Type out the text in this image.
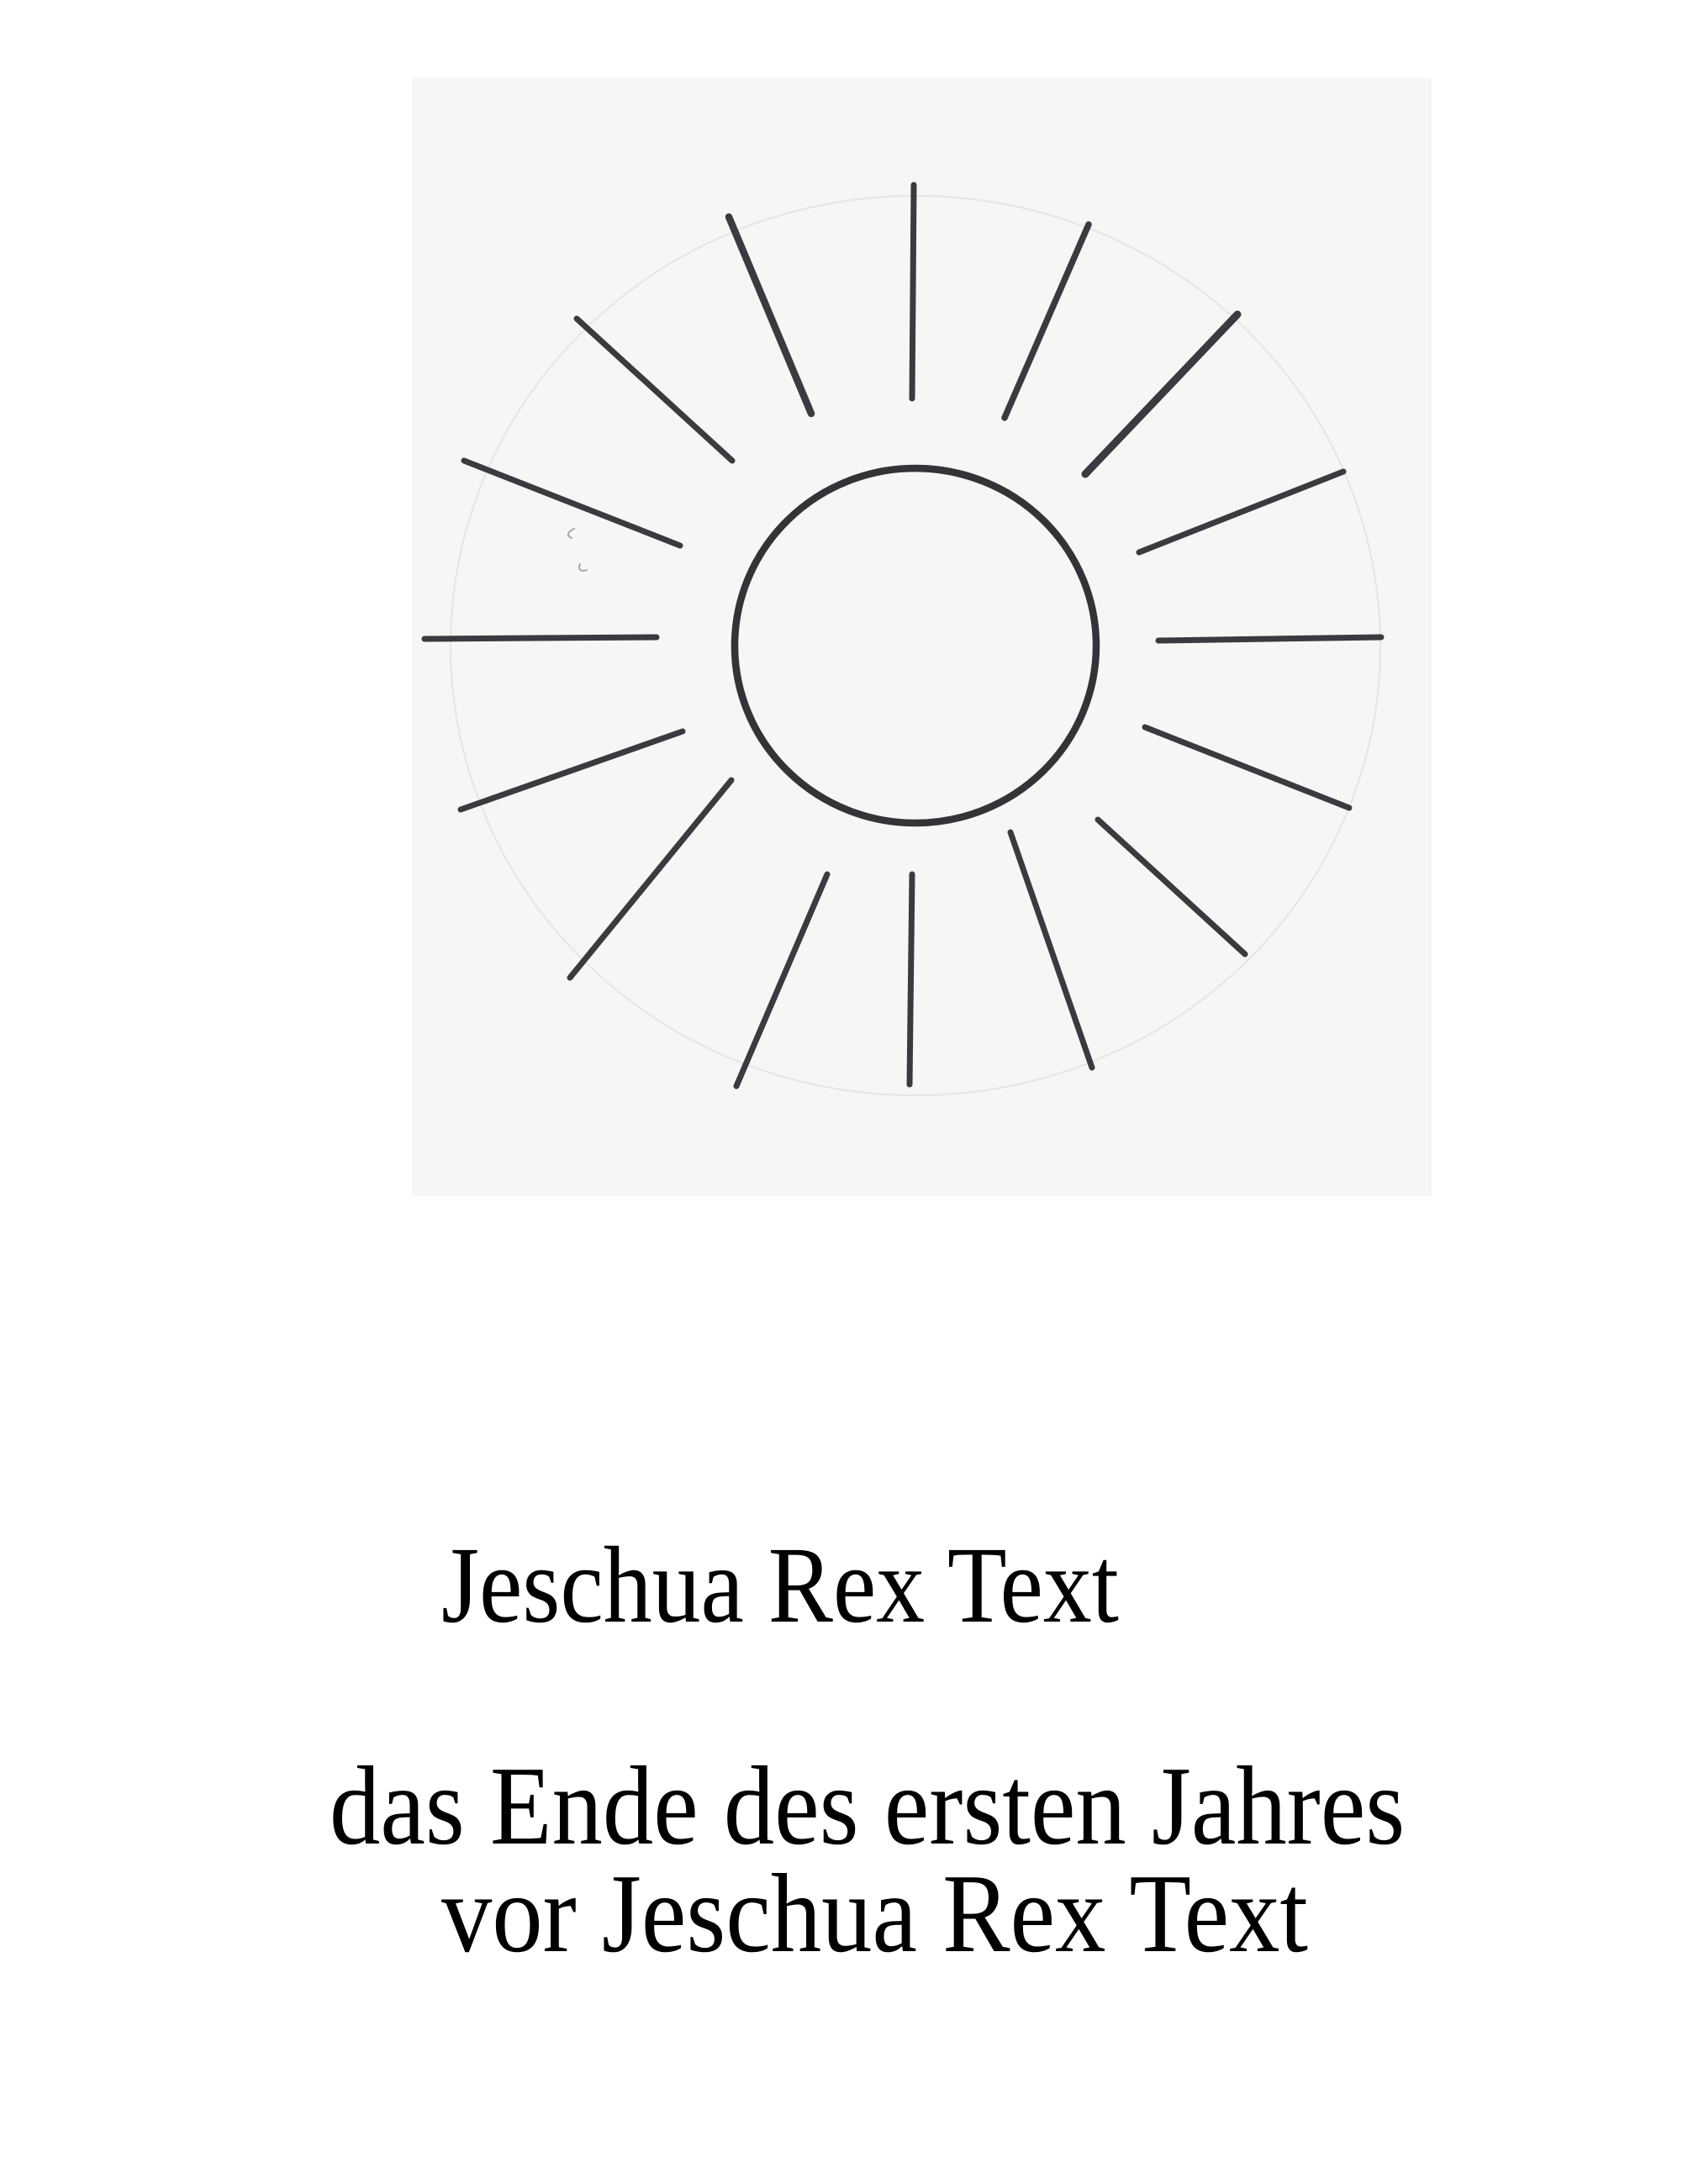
Jeschua Rex Text
das Ende des ersten Jahres
vor Jeschua Rex Text
